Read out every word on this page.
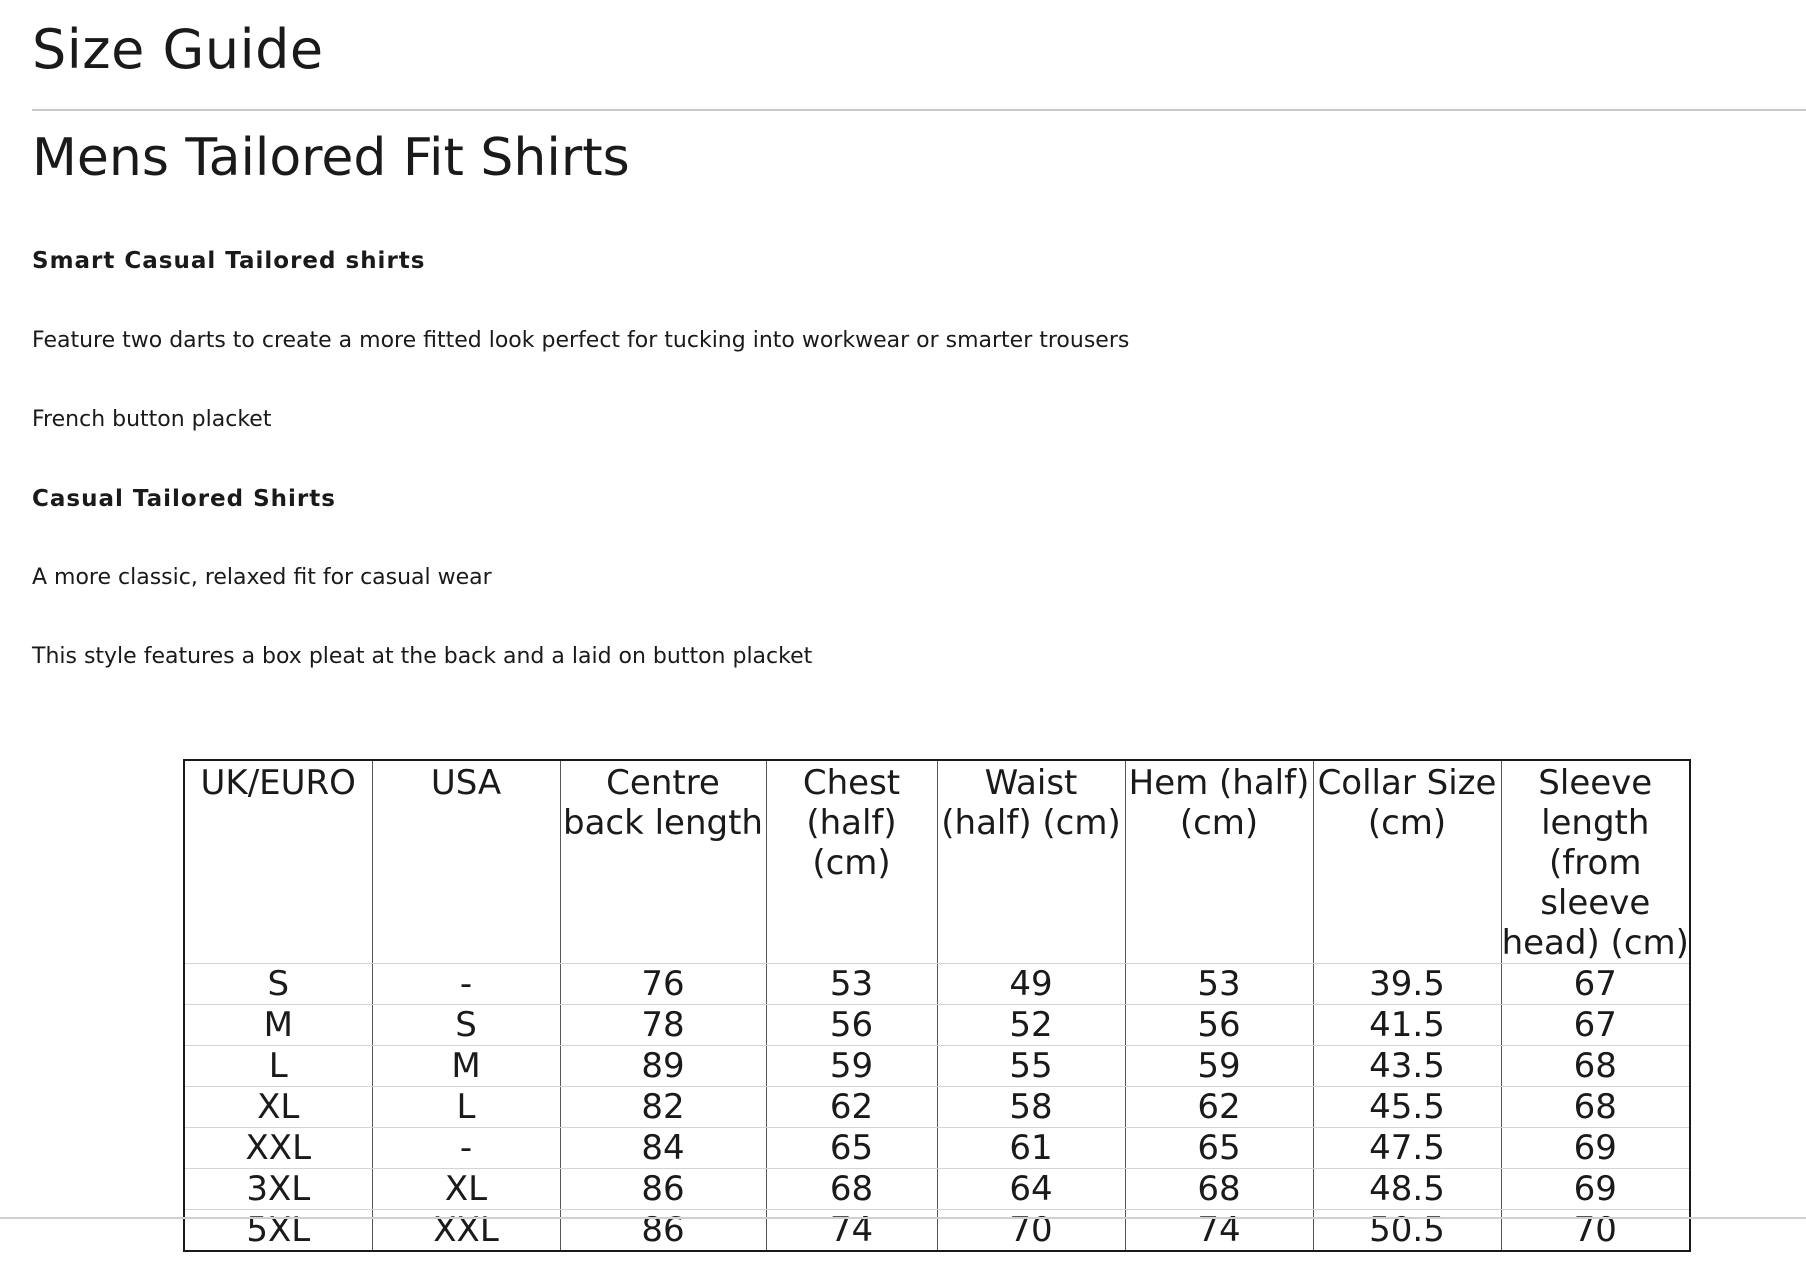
Size Guide
Mens Tailored Fit Shirts

Smart Casual Tailored shirts

Feature two darts to create a more fitted look perfect for tucking into workwear or smarter trousers

French button placket

Casual Tailored Shirts

A more classic, relaxed fit for casual wear

This style features a box pleat at the back and a laid on button placket

UK/EURO	USA	Centre back length	Chest (half) (cm)	Waist (half) (cm)	Hem (half) (cm)	Collar Size (cm)	Sleeve length (from sleeve head) (cm)
S	-	76	53	49	53	39.5	67
M	S	78	56	52	56	41.5	67
L	M	89	59	55	59	43.5	68
XL	L	82	62	58	62	45.5	68
XXL	-	84	65	61	65	47.5	69
3XL	XL	86	68	64	68	48.5	69
5XL	XXL	86	74	70	74	50.5	70
